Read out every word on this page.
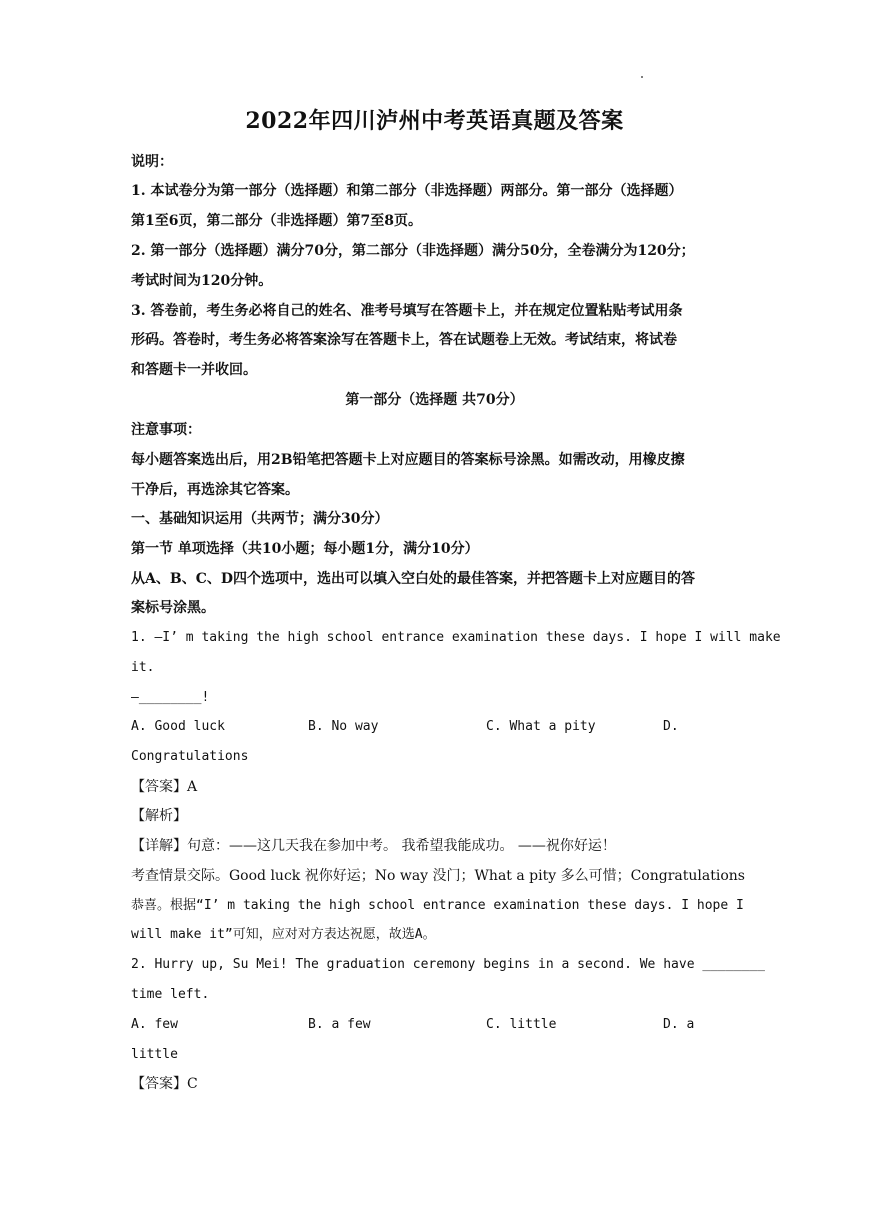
2022年四川泸州中考英语真题及答案
说明：
1. 本试卷分为第一部分（选择题）和第二部分（非选择题）两部分。第一部分（选择题）
第1至6页，第二部分（非选择题）第7至8页。
2. 第一部分（选择题）满分70分，第二部分（非选择题）满分50分，全卷满分为120分；
考试时间为120分钟。
3. 答卷前，考生务必将自己的姓名、准考号填写在答题卡上，并在规定位置粘贴考试用条
形码。答卷时，考生务必将答案涂写在答题卡上，答在试题卷上无效。考试结束，将试卷
和答题卡一并收回。
第一部分（选择题 共70分）
注意事项：
每小题答案选出后，用2B铅笔把答题卡上对应题目的答案标号涂黑。如需改动，用橡皮擦
干净后，再选涂其它答案。
一、基础知识运用（共两节；满分30分）
第一节 单项选择（共10小题；每小题1分，满分10分）
从A、B、C、D四个选项中，选出可以填入空白处的最佳答案，并把答题卡上对应题目的答
案标号涂黑。
1. —I’ m taking the high school entrance examination these days. I hope I will make
it.
—________!
A. Good luck	B. No way	C. What a pity	D.
Congratulations
【答案】A
【解析】
【详解】句意：——这几天我在参加中考。 我希望我能成功。 ——祝你好运！
考查情景交际。Good luck 祝你好运；No way 没门；What a pity 多么可惜；Congratulations
恭喜。根据“I’ m taking the high school entrance examination these days. I hope I
will make it”可知，应对对方表达祝愿，故选A。
2. Hurry up, Su Mei! The graduation ceremony begins in a second. We have ________
time left.
A. few	B. a few	C. little	D. a
little
【答案】C
